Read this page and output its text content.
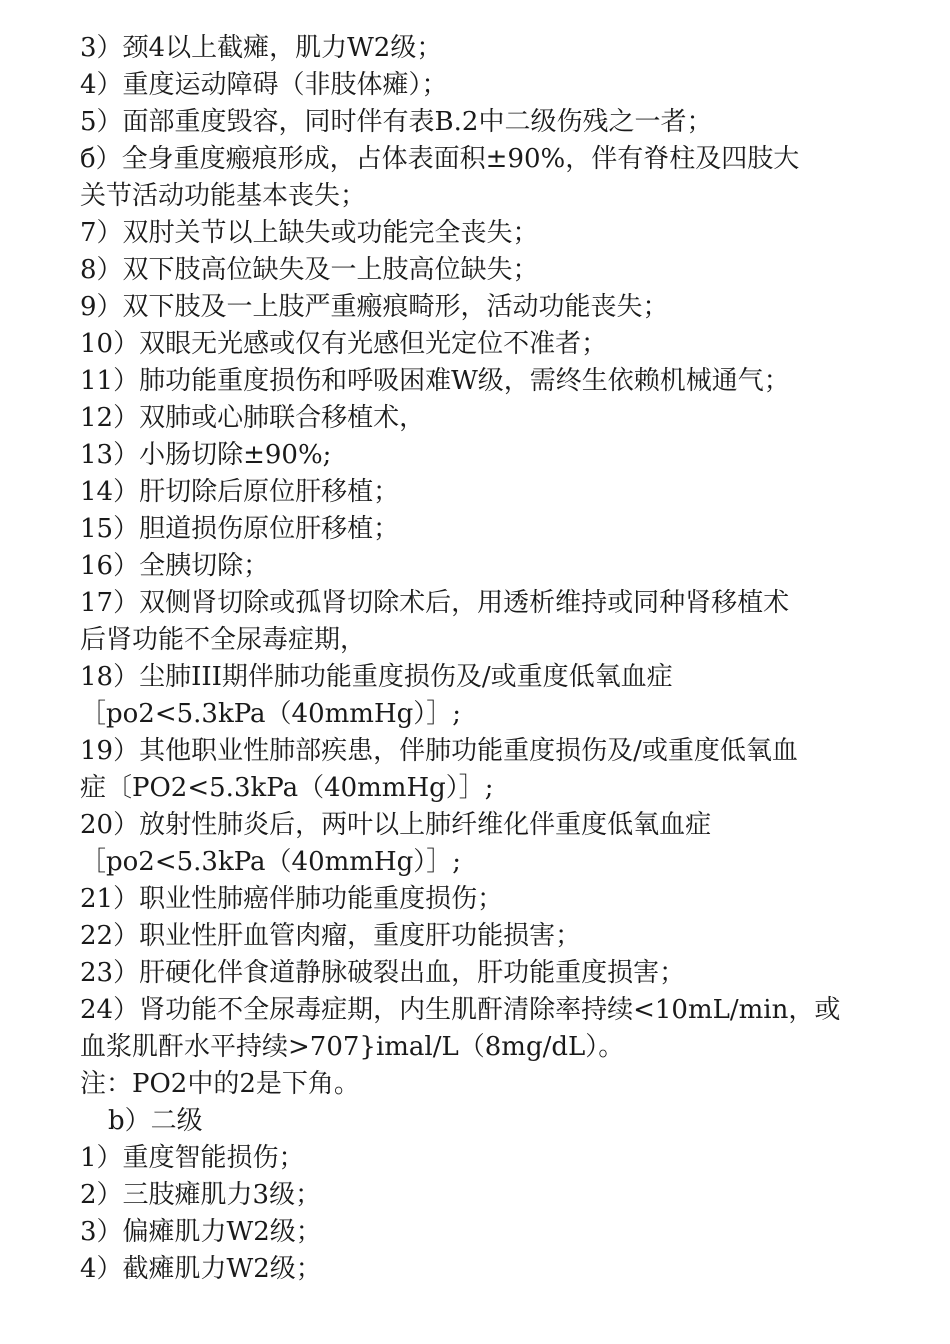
3）颈4以上截瘫，肌力W2级；
4）重度运动障碍（非肢体瘫）；
5）面部重度毁容，同时伴有表B.2中二级伤残之一者；
б）全身重度瘢痕形成，占体表面积±90%，伴有脊柱及四肢大
关节活动功能基本丧失；
7）双肘关节以上缺失或功能完全丧失；
8）双下肢高位缺失及一上肢高位缺失；
9）双下肢及一上肢严重瘢痕畸形，活动功能丧失；
10）双眼无光感或仅有光感但光定位不准者；
11）肺功能重度损伤和呼吸困难W级，需终生依赖机械通气；
12）双肺或心肺联合移植术，
13）小肠切除±90%;
14）肝切除后原位肝移植；
15）胆道损伤原位肝移植；
16）全胰切除；
17）双侧肾切除或孤肾切除术后，用透析维持或同种肾移植术
后肾功能不全尿毒症期，
18）尘肺III期伴肺功能重度损伤及/或重度低氧血症
［po2<5.3kPa（40mmHg）］;
19）其他职业性肺部疾患，伴肺功能重度损伤及/或重度低氧血
症〔PO2<5.3kPa（40mmHg）］;
20）放射性肺炎后，两叶以上肺纤维化伴重度低氧血症
［po2<5.3kPa（40mmHg）］;
21）职业性肺癌伴肺功能重度损伤；
22）职业性肝血管肉瘤，重度肝功能损害；
23）肝硬化伴食道静脉破裂出血，肝功能重度损害；
24）肾功能不全尿毒症期，内生肌酐清除率持续<10mL/min，或
血浆肌酐水平持续>707}imal/L（8mg/dL）。
注：PO2中的2是下角。
b）二级
1）重度智能损伤；
2）三肢瘫肌力3级；
3）偏瘫肌力W2级；
4）截瘫肌力W2级；
